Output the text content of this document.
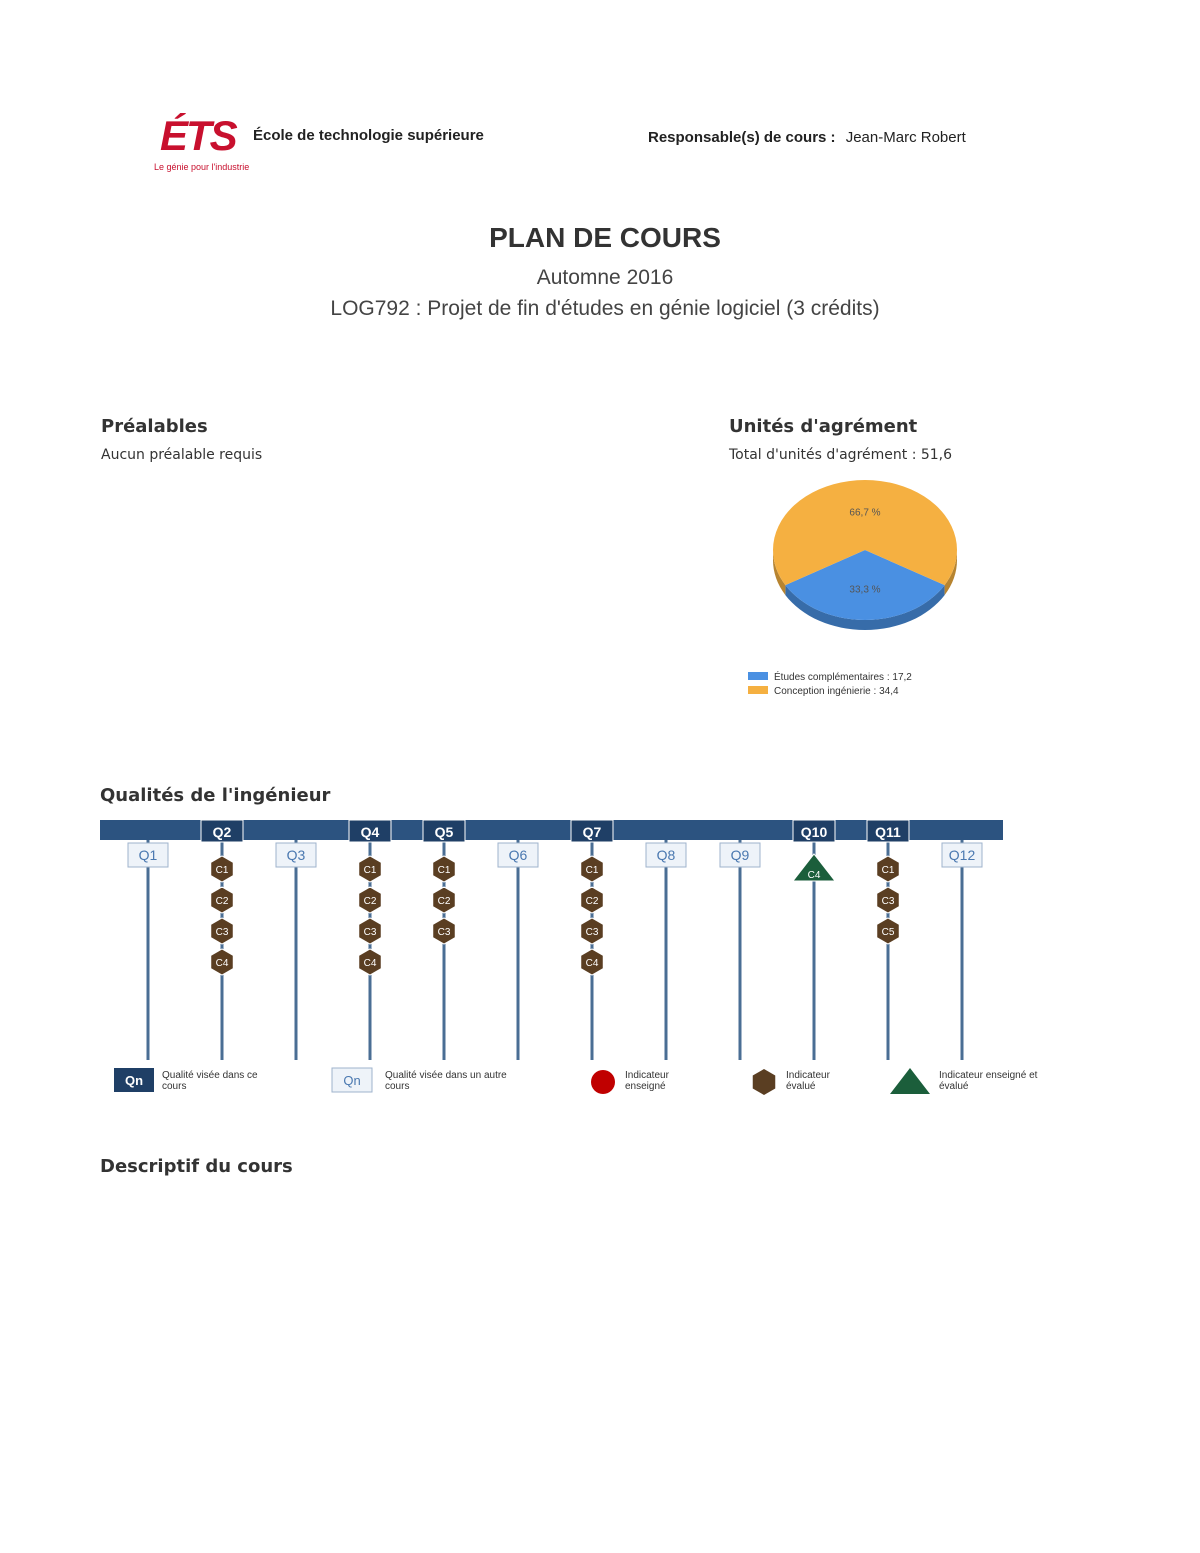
ÉTS
Le génie pour l'industrie
École de technologie supérieure	Responsable(s) de cours : Jean-Marc Robert
PLAN DE COURS
Automne 2016
LOG792 : Projet de fin d'études en génie logiciel (3 crédits)
Préalables
Aucun préalable requis
Unités d'agrément
Total d'unités d'agrément : 51,6
33,3 %
66,7 %
Études complémentaires : 17,2
Conception ingénierie : 34,4
Qualités de l'ingénieur
Q1
Q2
C1
C2
C3
C4
Q3
Q4
C1
C2
C3
C4
Q5
C1
C2
C3
Q6
Q7
C1
C2
C3
C4
Q8	Q9
Q10
C4
Q11
C1
C3
C5
Q12
Qn Qualité visée dans ce
cours	Qn Qualité visée dans un autre
cours
Indicateur
enseigné
Indicateur
évalué
Indicateur enseigné et
évalué
Descriptif du cours
